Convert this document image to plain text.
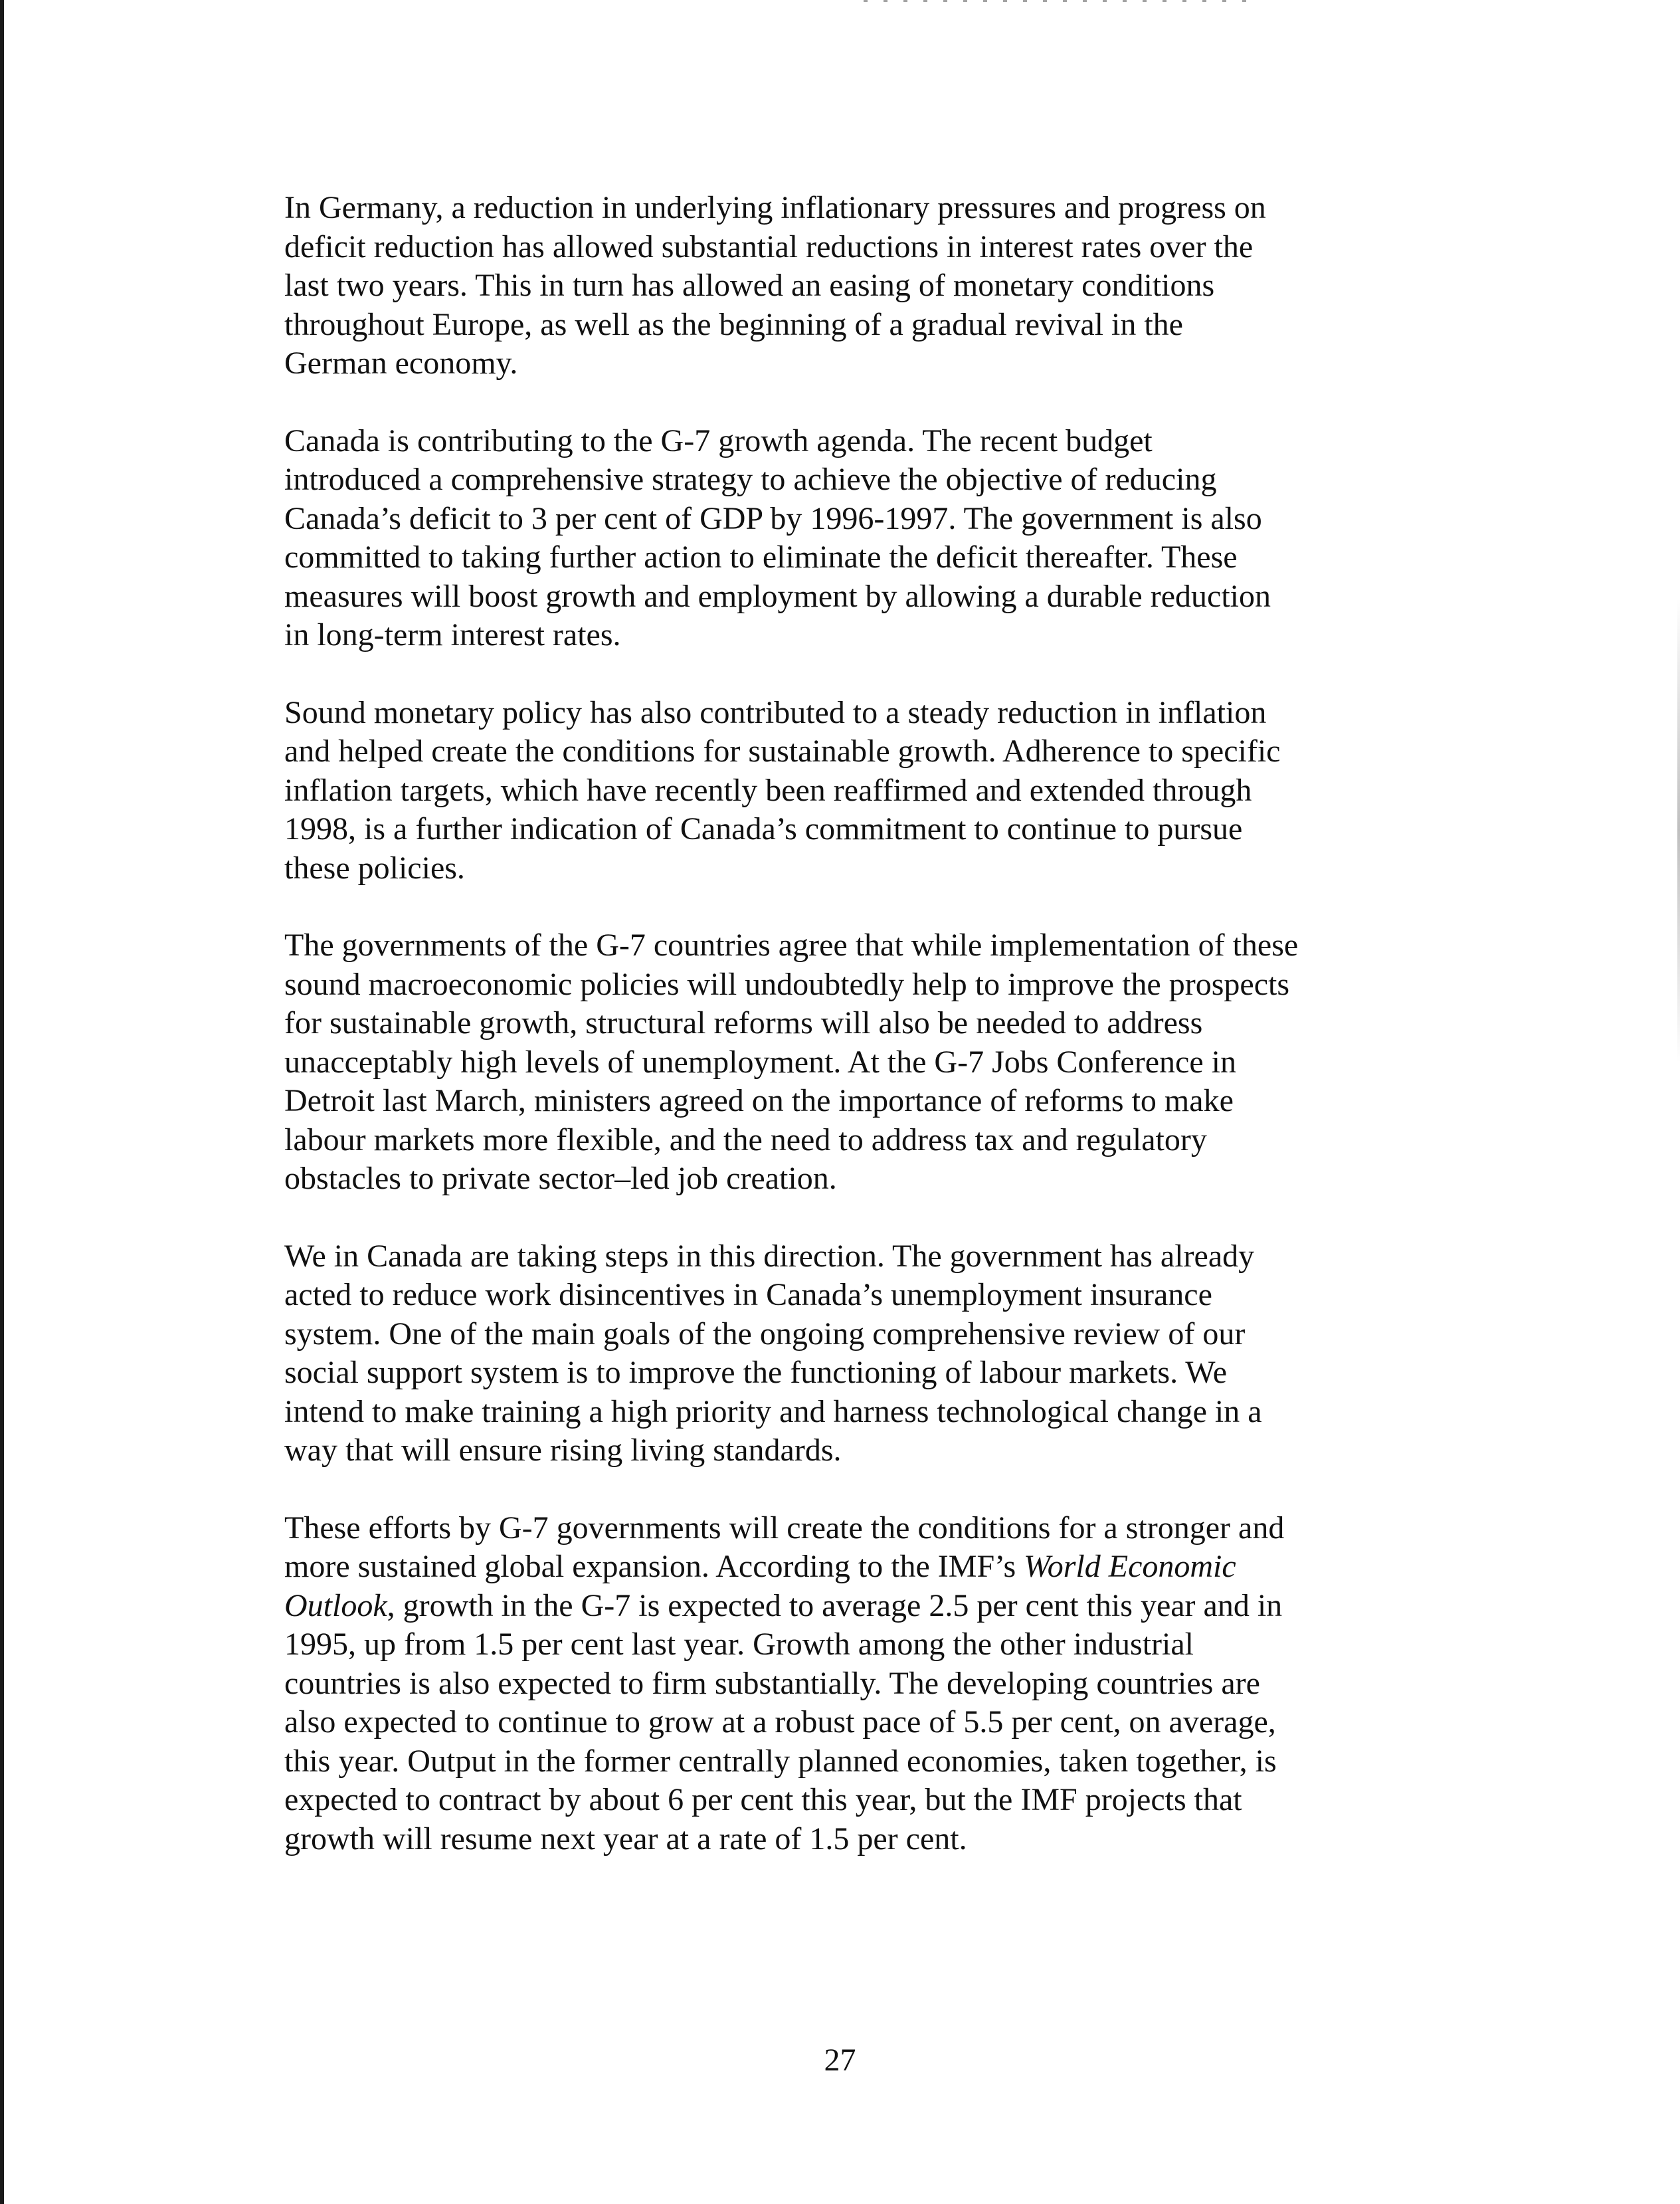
In Germany, a reduction in underlying inflationary pressures and progress on
deficit reduction has allowed substantial reductions in interest rates over the
last two years. This in turn has allowed an easing of monetary conditions
throughout Europe, as well as the beginning of a gradual revival in the
German economy.

Canada is contributing to the G-7 growth agenda. The recent budget
introduced a comprehensive strategy to achieve the objective of reducing
Canada’s deficit to 3 per cent of GDP by 1996-1997. The government is also
committed to taking further action to eliminate the deficit thereafter. These
measures will boost growth and employment by allowing a durable reduction
in long-term interest rates.

Sound monetary policy has also contributed to a steady reduction in inflation
and helped create the conditions for sustainable growth. Adherence to specific
inflation targets, which have recently been reaffirmed and extended through
1998, is a further indication of Canada’s commitment to continue to pursue
these policies.

The governments of the G-7 countries agree that while implementation of these
sound macroeconomic policies will undoubtedly help to improve the prospects
for sustainable growth, structural reforms will also be needed to address
unacceptably high levels of unemployment. At the G-7 Jobs Conference in
Detroit last March, ministers agreed on the importance of reforms to make
labour markets more flexible, and the need to address tax and regulatory
obstacles to private sector–led job creation.

We in Canada are taking steps in this direction. The government has already
acted to reduce work disincentives in Canada’s unemployment insurance
system. One of the main goals of the ongoing comprehensive review of our
social support system is to improve the functioning of labour markets. We
intend to make training a high priority and harness technological change in a
way that will ensure rising living standards.

These efforts by G-7 governments will create the conditions for a stronger and
more sustained global expansion. According to the IMF’s World Economic
Outlook, growth in the G-7 is expected to average 2.5 per cent this year and in
1995, up from 1.5 per cent last year. Growth among the other industrial
countries is also expected to firm substantially. The developing countries are
also expected to continue to grow at a robust pace of 5.5 per cent, on average,
this year. Output in the former centrally planned economies, taken together, is
expected to contract by about 6 per cent this year, but the IMF projects that
growth will resume next year at a rate of 1.5 per cent.

27
